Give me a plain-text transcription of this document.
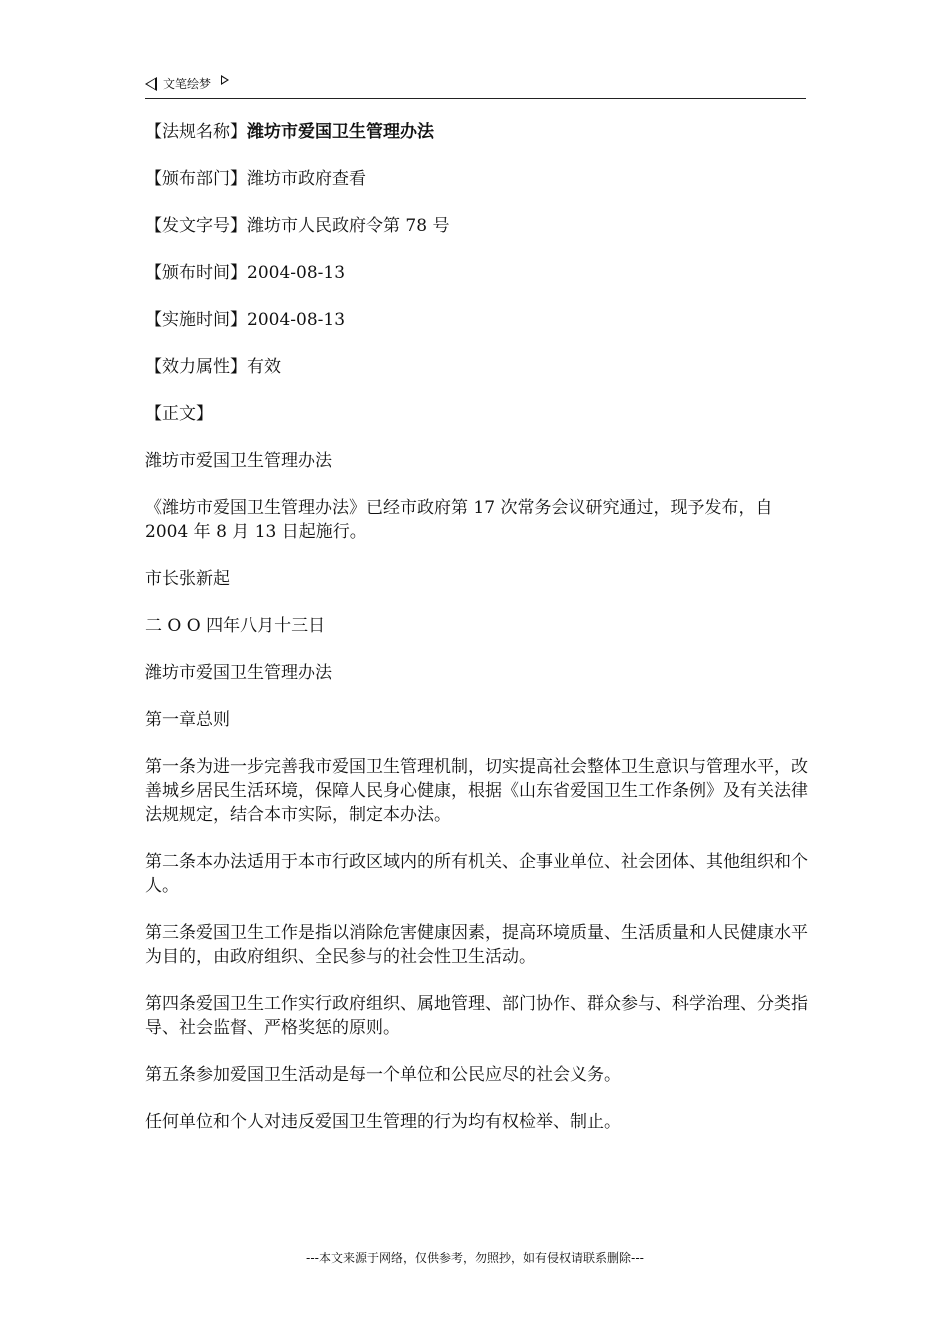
文笔绘梦
【法规名称】潍坊市爱国卫生管理办法
【颁布部门】潍坊市政府查看
【发文字号】潍坊市人民政府令第 78 号
【颁布时间】2004-08-13
【实施时间】2004-08-13
【效力属性】有效
【正文】

潍坊市爱国卫生管理办法

《潍坊市爱国卫生管理办法》已经市政府第 17 次常务会议研究通过，现予发布，自 2004 年 8 月 13 日起施行。

市长张新起

二 O O 四年八月十三日

潍坊市爱国卫生管理办法

第一章总则

第一条为进一步完善我市爱国卫生管理机制，切实提高社会整体卫生意识与管理水平，改善城乡居民生活环境，保障人民身心健康，根据《山东省爱国卫生工作条例》及有关法律法规规定，结合本市实际，制定本办法。

第二条本办法适用于本市行政区域内的所有机关、企事业单位、社会团体、其他组织和个人。

第三条爱国卫生工作是指以消除危害健康因素，提高环境质量、生活质量和人民健康水平为目的，由政府组织、全民参与的社会性卫生活动。

第四条爱国卫生工作实行政府组织、属地管理、部门协作、群众参与、科学治理、分类指导、社会监督、严格奖惩的原则。

第五条参加爱国卫生活动是每一个单位和公民应尽的社会义务。

任何单位和个人对违反爱国卫生管理的行为均有权检举、制止。

---本文来源于网络，仅供参考，勿照抄，如有侵权请联系删除---
